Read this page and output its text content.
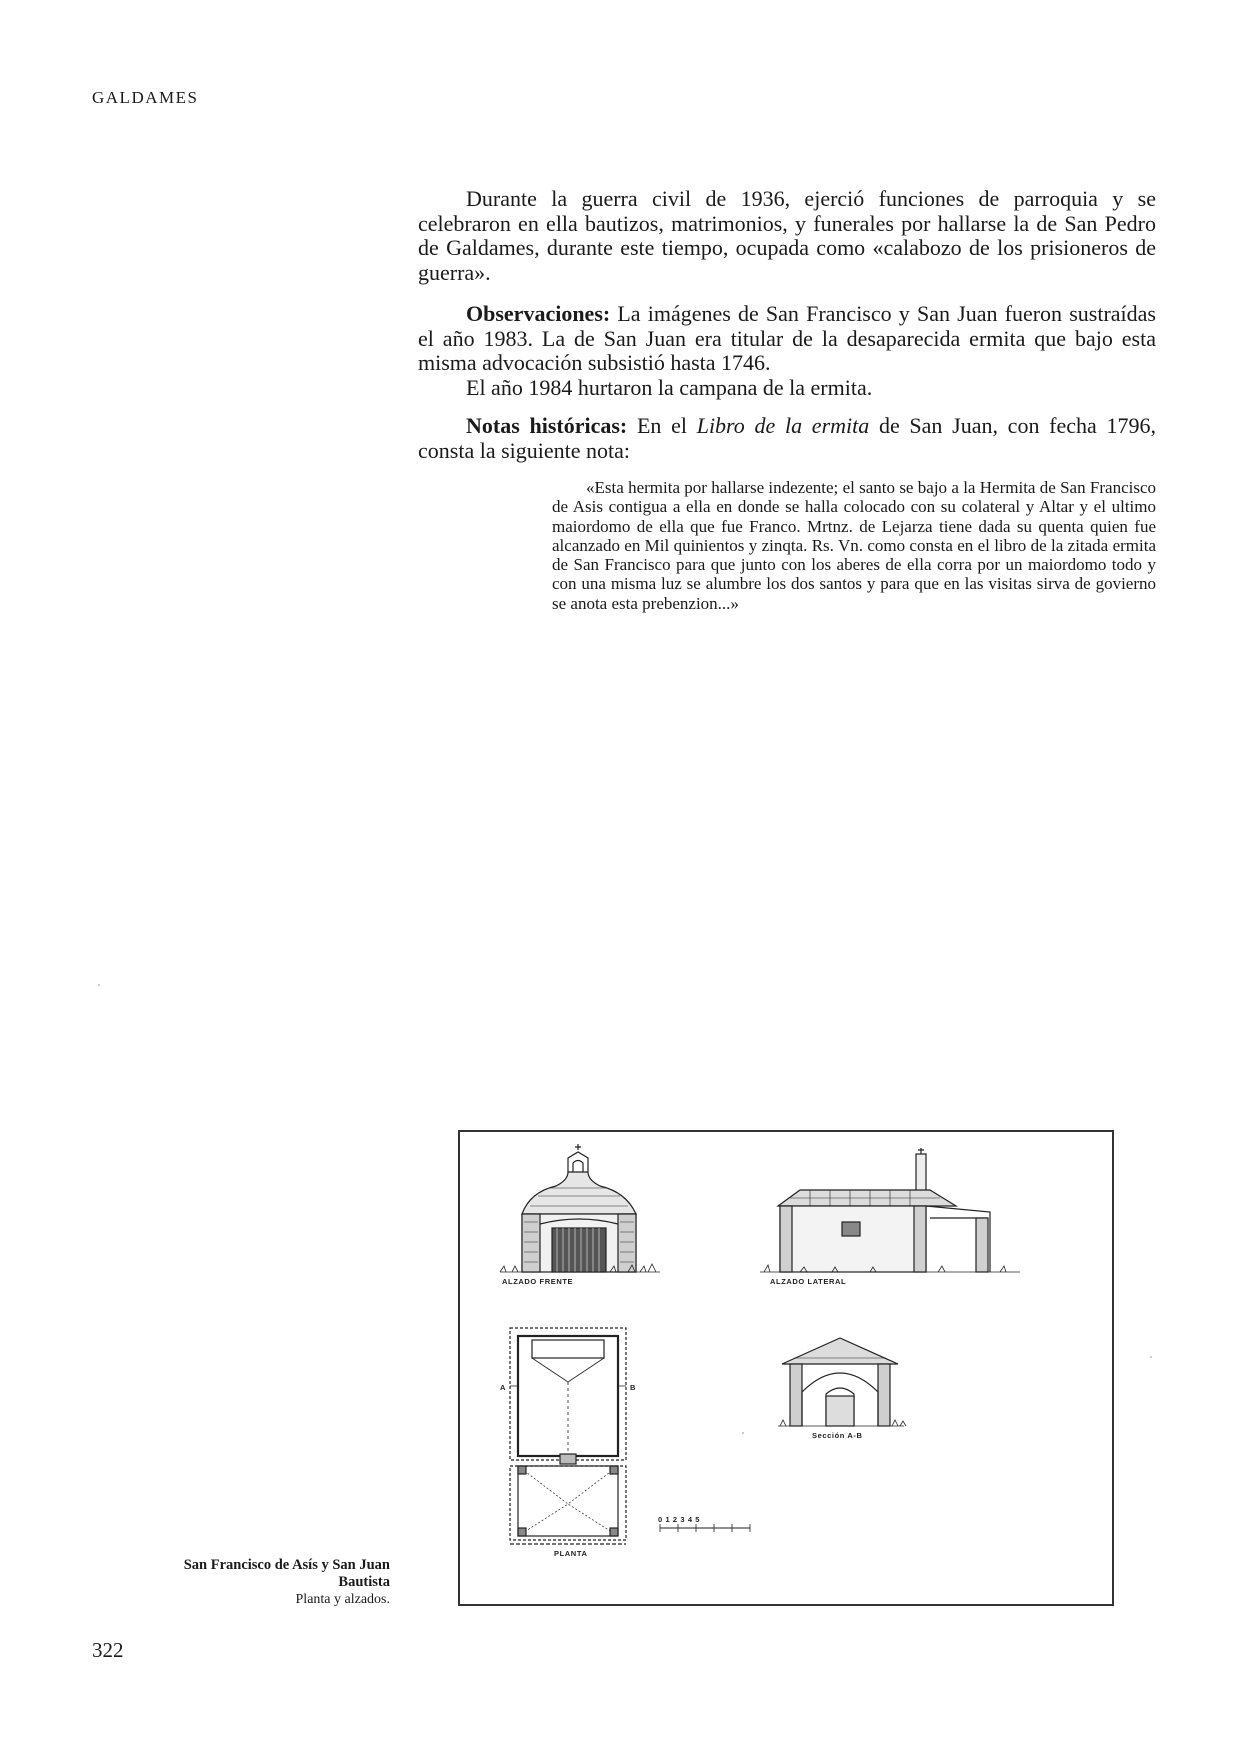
GALDAMES

Durante la guerra civil de 1936, ejerció funciones de parroquia y se celebraron en ella bautizos, matrimonios, y funerales por hallarse la de San Pedro de Galdames, durante este tiempo, ocupada como «calabozo de los prisioneros de guerra».

Observaciones: La imágenes de San Francisco y San Juan fueron sustraídas el año 1983. La de San Juan era titular de la desaparecida ermita que bajo esta misma advocación subsistió hasta 1746.

El año 1984 hurtaron la campana de la ermita.

Notas históricas: En el Libro de la ermita de San Juan, con fecha 1796, consta la siguiente nota:

«Esta hermita por hallarse indezente; el santo se bajo a la Hermita de San Francisco de Asis contigua a ella en donde se halla colocado con su colateral y Altar y el ultimo maiordomo de ella que fue Franco. Mrtnz. de Lejarza tiene dada su quenta quien fue alcanzado en Mil quinientos y zinqta. Rs. Vn. como consta en el libro de la zitada ermita de San Francisco para que junto con los aberes de ella corra por un maiordomo todo y con una misma luz se alumbre los dos santos y para que en las visitas sirva de govierno se anota esta prebenzion...»

ALZADO FRENTE	ALZADO LATERAL
PLANTA
Sección A-B
A	B
0 1 2 3 4 5
San Francisco de Asís y San Juan Bautista
Planta y alzados.
322
